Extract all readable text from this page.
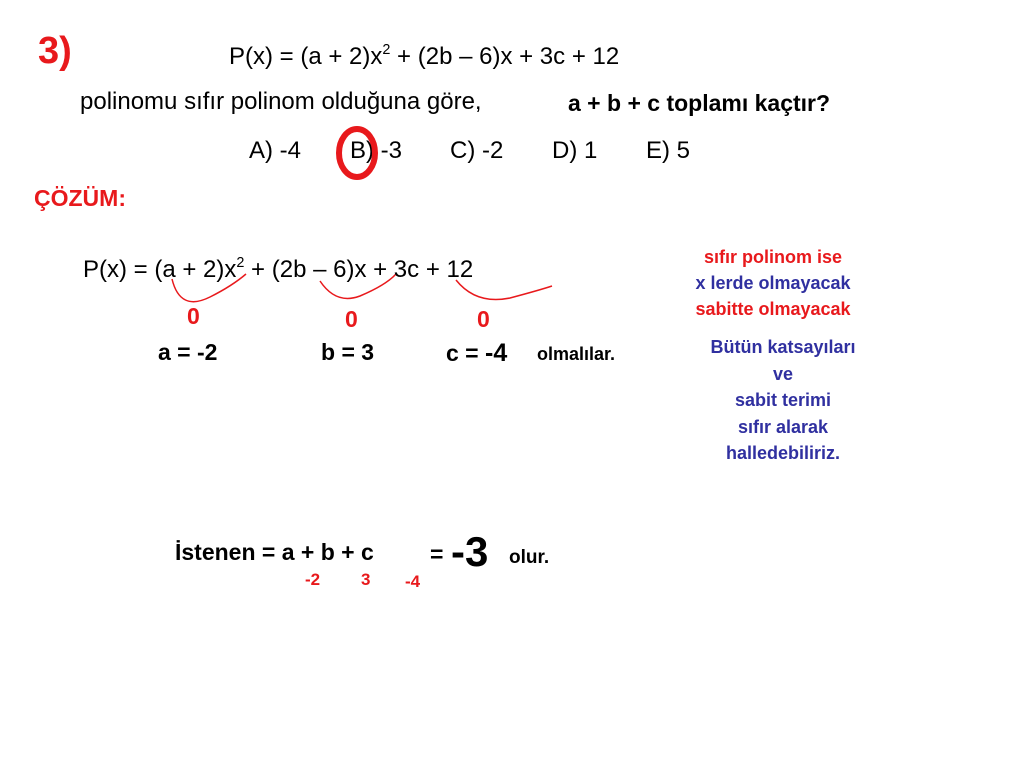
3)	$P(x) = (a + 2)x^2 + (2b - 6)x + 3c + 12$
polinomu sıfır polinom olduğuna göre,	a + b + c toplamı kaçtır?
A) -4 B) -3 C) -2 D) 1 E) 5
ÇÖZÜM:
$P(x) = (a + 2)x^2 + (2b - 6)x + 3c + 12$
0	0	0
a = -2	b = 3	c = -4 olmalılar.
sıfır polinom ise
x lerde olmayacak
sabitte olmayacak
Bütün katsayıları
ve
sabit terimi
sıfır alarak
halledebiliriz.
İstenen = a + b + c = -3 olur.
-2 3 -4
